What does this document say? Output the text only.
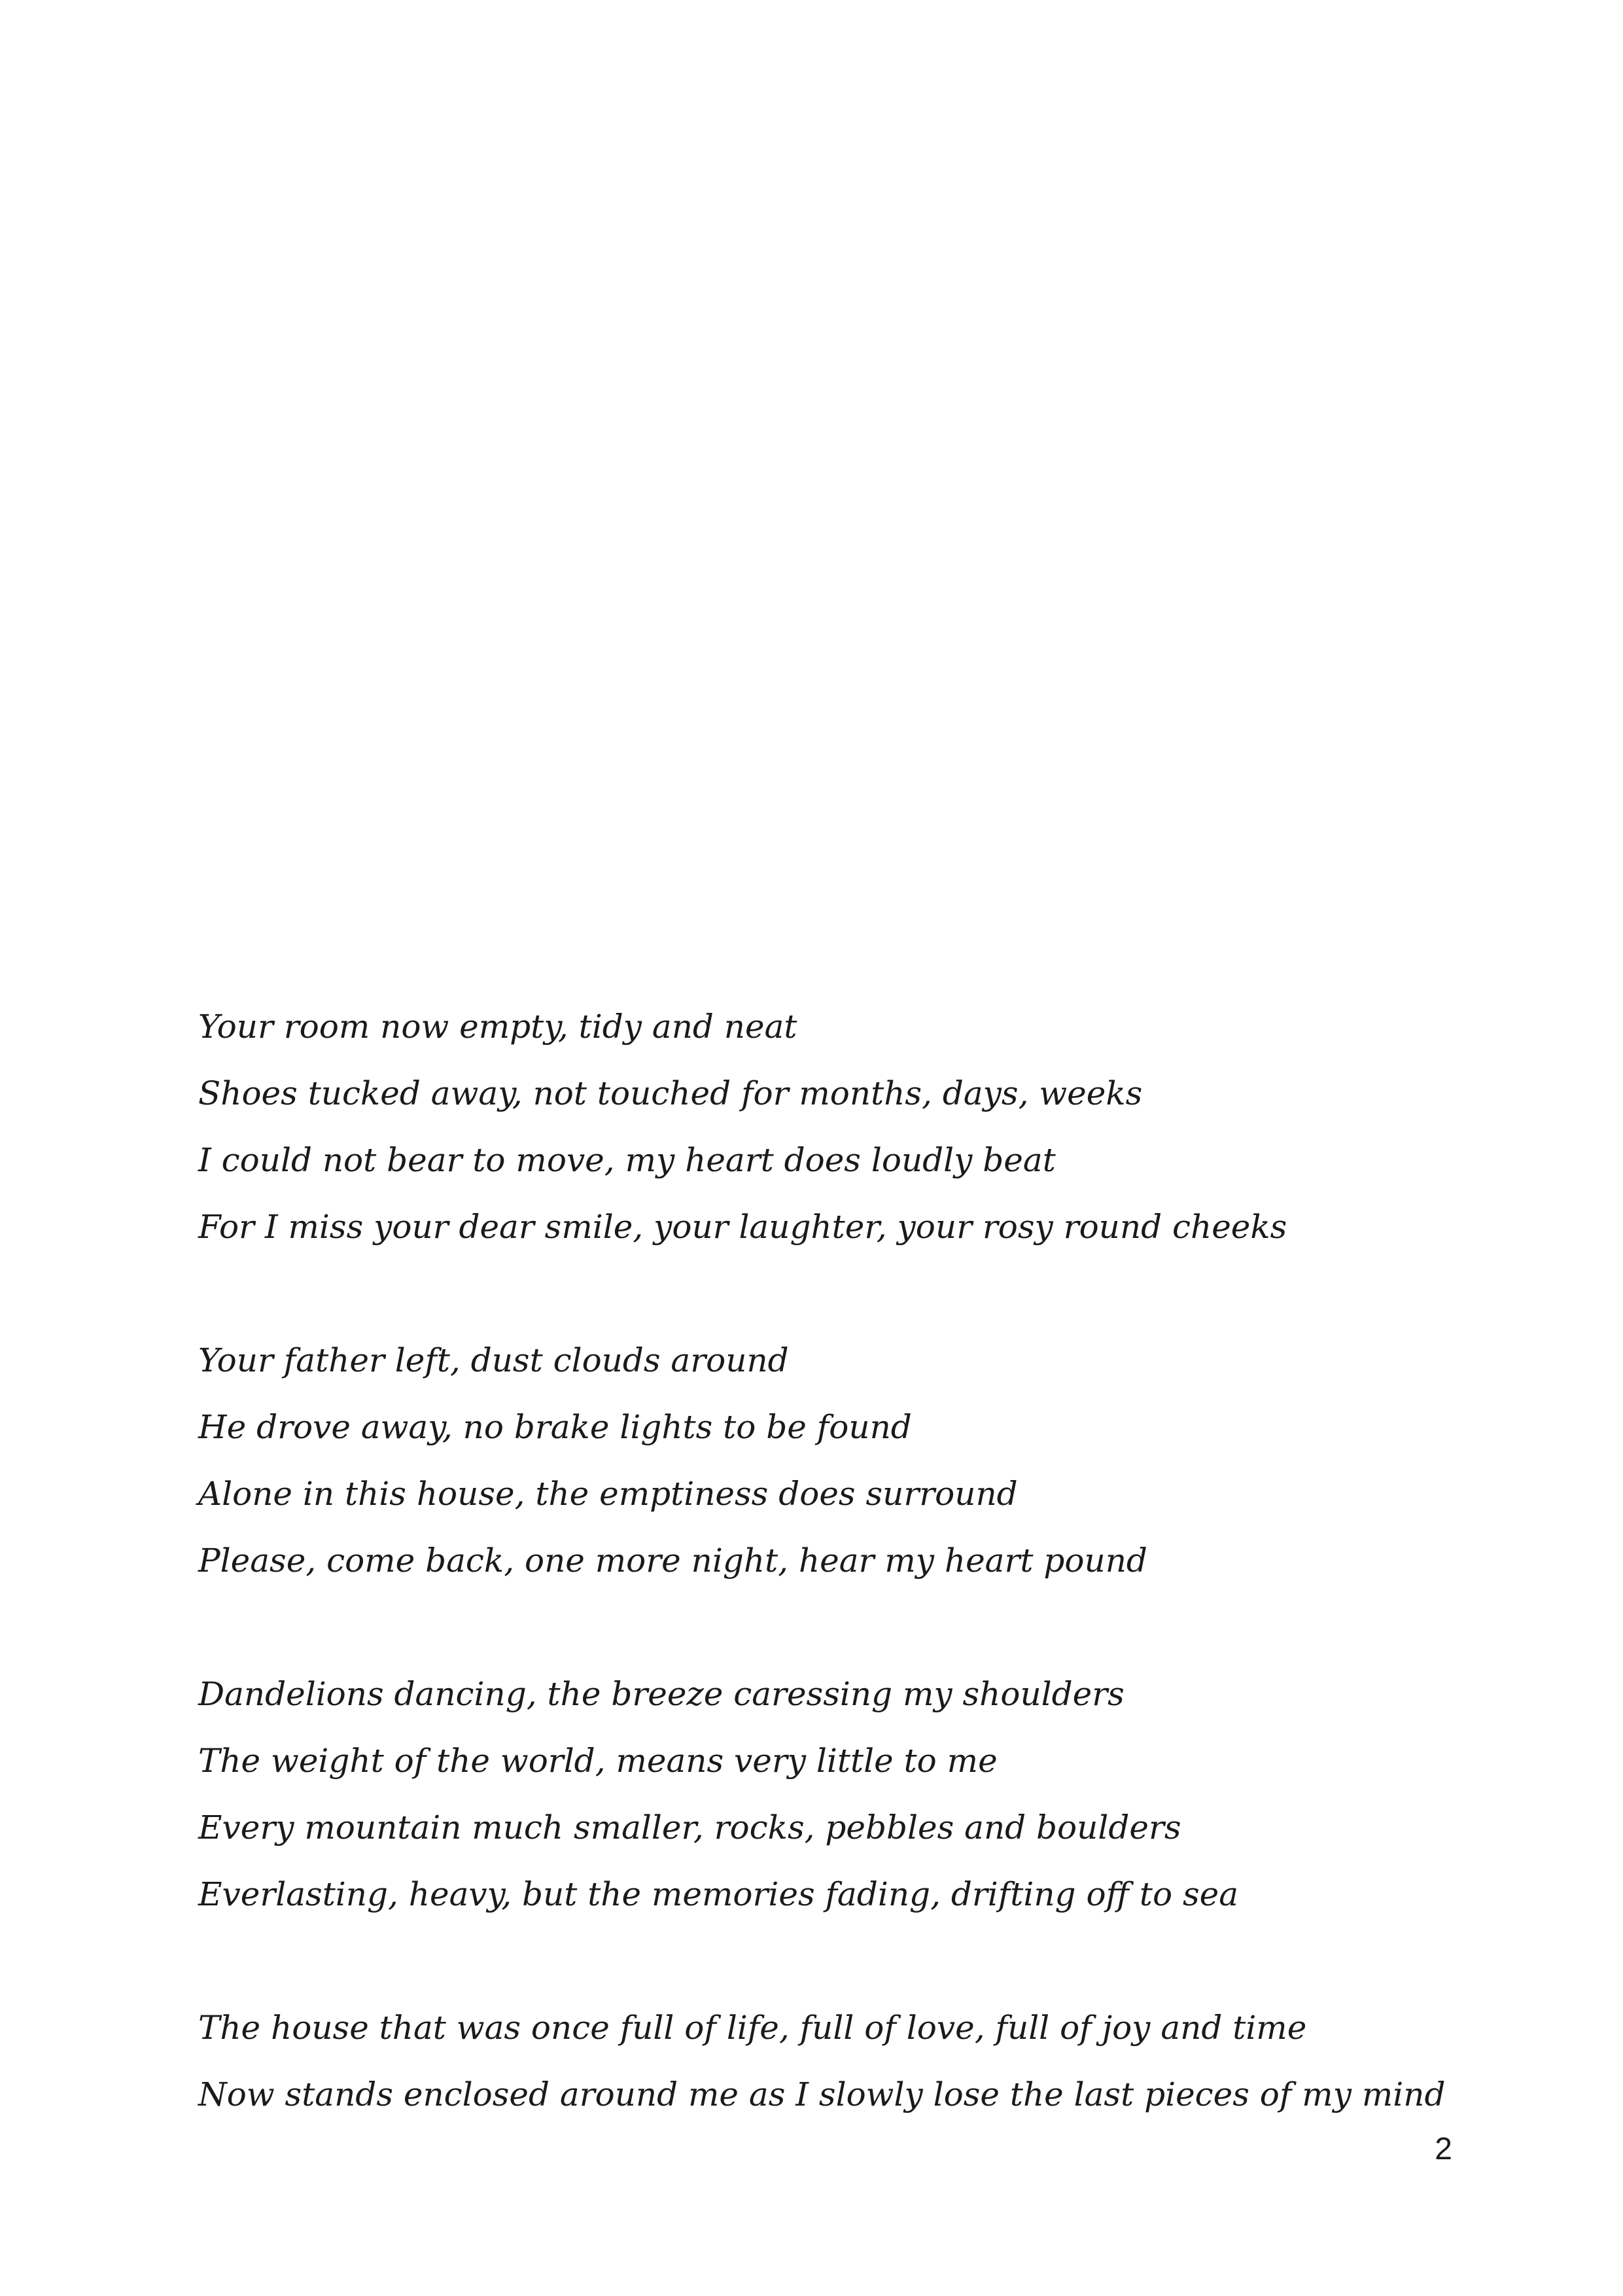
Your room now empty, tidy and neat
Shoes tucked away, not touched for months, days, weeks
I could not bear to move, my heart does loudly beat
For I miss your dear smile, your laughter, your rosy round cheeks
Your father left, dust clouds around
He drove away, no brake lights to be found
Alone in this house, the emptiness does surround
Please, come back, one more night, hear my heart pound
Dandelions dancing, the breeze caressing my shoulders
The weight of the world, means very little to me
Every mountain much smaller, rocks, pebbles and boulders
Everlasting, heavy, but the memories fading, drifting off to sea
The house that was once full of life, full of love, full of joy and time
Now stands enclosed around me as I slowly lose the last pieces of my mind
2
